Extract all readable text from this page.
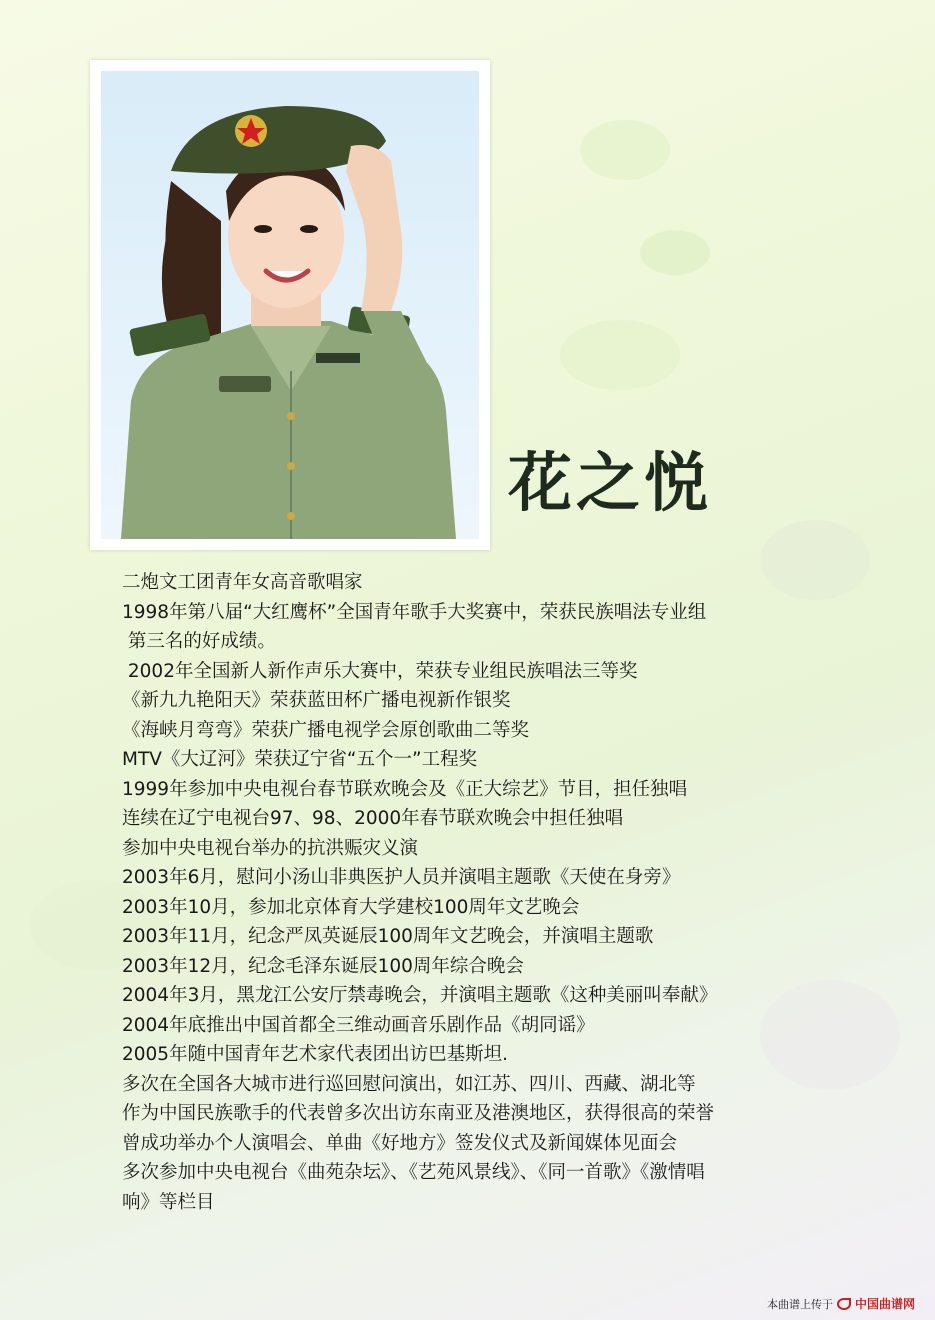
花之悦
二炮文工团青年女高音歌唱家
1998年第八届“大红鹰杯”全国青年歌手大奖赛中，荣获民族唱法专业组
第三名的好成绩。
2002年全国新人新作声乐大赛中，荣获专业组民族唱法三等奖
《新九九艳阳天》荣获蓝田杯广播电视新作银奖
《海峡月弯弯》荣获广播电视学会原创歌曲二等奖
MTV《大辽河》荣获辽宁省“五个一”工程奖
1999年参加中央电视台春节联欢晚会及《正大综艺》节目，担任独唱
连续在辽宁电视台97、98、2000年春节联欢晚会中担任独唱
参加中央电视台举办的抗洪赈灾义演
2003年6月，慰问小汤山非典医护人员并演唱主题歌《天使在身旁》
2003年10月，参加北京体育大学建校100周年文艺晚会
2003年11月，纪念严凤英诞辰100周年文艺晚会，并演唱主题歌
2003年12月，纪念毛泽东诞辰100周年综合晚会
2004年3月，黑龙江公安厅禁毒晚会，并演唱主题歌《这种美丽叫奉献》
2004年底推出中国首都全三维动画音乐剧作品《胡同谣》
2005年随中国青年艺术家代表团出访巴基斯坦.
多次在全国各大城市进行巡回慰问演出，如江苏、四川、西藏、湖北等
作为中国民族歌手的代表曾多次出访东南亚及港澳地区，获得很高的荣誉
曾成功举办个人演唱会、单曲《好地方》签发仪式及新闻媒体见面会
多次参加中央电视台《曲苑杂坛》、《艺苑风景线》、《同一首歌》《激情唱
响》等栏目
本曲谱上传于 中国曲谱网
